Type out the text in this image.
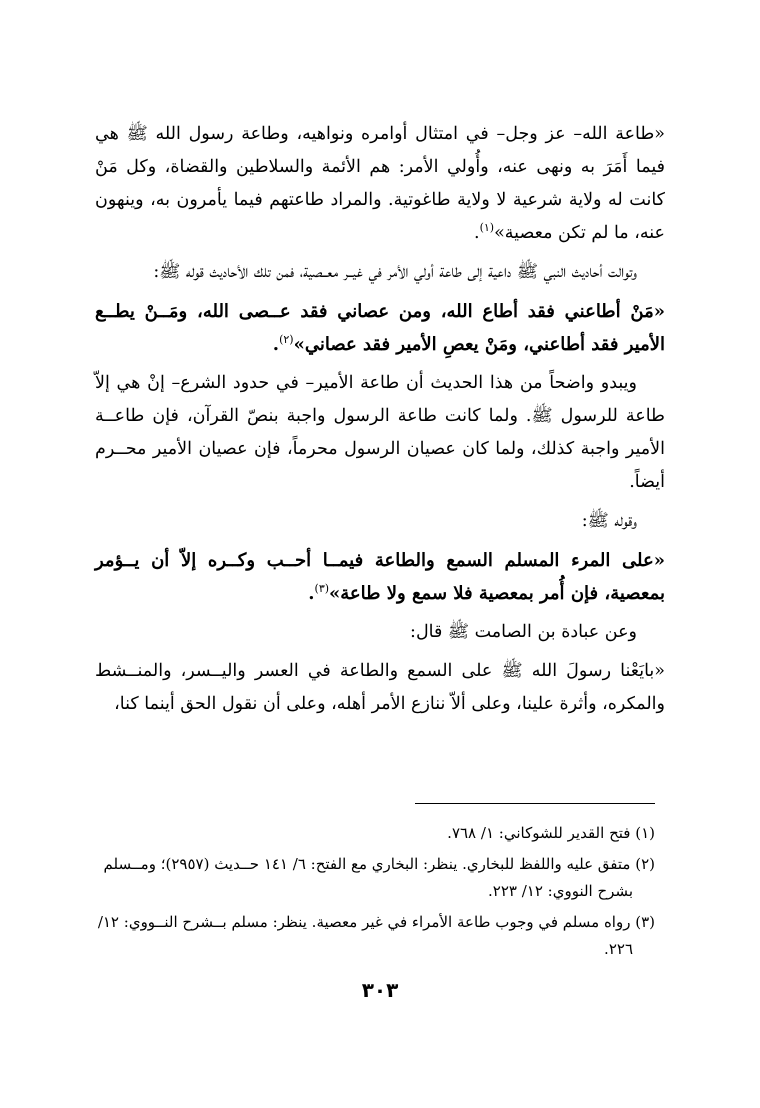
«طاعة الله– عز وجل– في امتثال أوامره ونواهيه، وطاعة رسول الله ﷺ هي فيما أَمَرَ به ونهى عنه، وأُولي الأمر: هم الأئمة والسلاطين والقضاة، وكل مَنْ كانت له ولاية شرعية لا ولاية طاغوتية. والمراد طاعتهم فيما يأمرون به، وينهون عنه، ما لم تكن معصية»$^{(١)}$.

وتوالت أحاديث النبي ﷺ داعية إلى طاعة أولي الأمر في غيــر معــصية، فمن تلك الأحاديث قوله ﷺ:

«مَنْ أطاعني فقد أطاع الله، ومن عصاني فقد عــصى الله، ومَــنْ يطــع الأمير فقد أطاعني، ومَنْ يعصِ الأمير فقد عصاني»$^{(٢)}$.

ويبدو واضحاً من هذا الحديث أن طاعة الأمير– في حدود الشرع– إنْ هي إلاّ طاعة للرسول ﷺ. ولما كانت طاعة الرسول واجبة بنصّ القرآن، فإن طاعــة الأمير واجبة كذلك، ولما كان عصيان الرسول محرماً، فإن عصيان الأمير محــرم أيضاً.

وقوله ﷺ:

«على المرء المسلم السمع والطاعة فيمــا أحــب وكــره إلاّ أن يــؤمر بمعصية، فإن أُمر بمعصية فلا سمع ولا طاعة»$^{(٣)}$.

وعن عبادة بن الصامت ﷺ قال:

«بايَعْنا رسولَ الله ﷺ على السمع والطاعة في العسر واليــسر، والمنــشط والمكره، وأثرة علينا، وعلى ألاّ ننازع الأمر أهله، وعلى أن نقول الحق أينما كنا،

(١) فتح القدير للشوكاني: ١/ ٧٦٨.

(٢) متفق عليه واللفظ للبخاري. ينظر: البخاري مع الفتح: ٦/ ١٤١ حــديث (٢٩٥٧)؛ ومــسلم
بشرح النووي: ١٢/ ٢٢٣.

(٣) رواه مسلم في وجوب طاعة الأمراء في غير معصية. ينظر: مسلم بــشرح النــووي: ١٢/
٢٢٦.

٣٠٣
